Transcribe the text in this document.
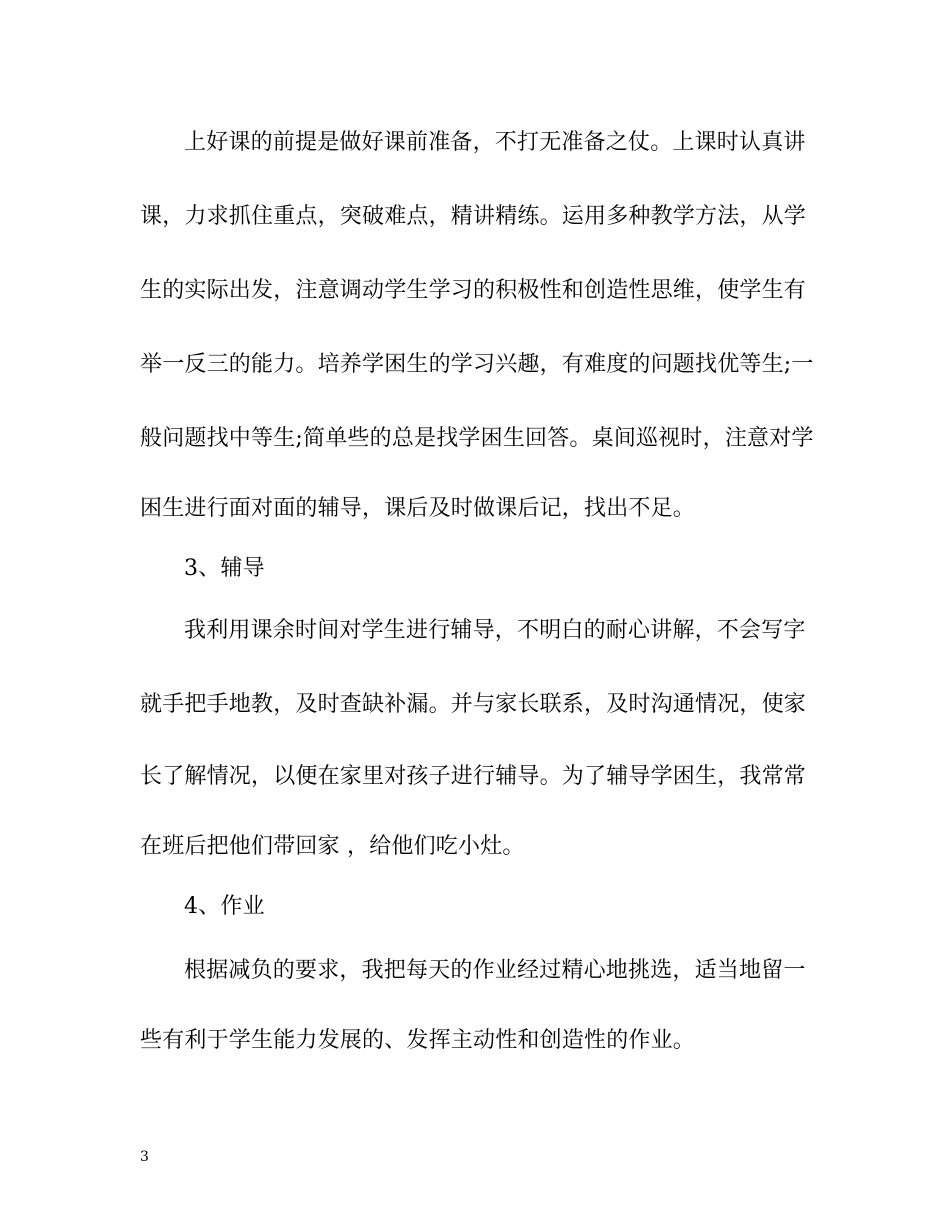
上好课的前提是做好课前准备，不打无准备之仗。上课时认真讲
课，力求抓住重点，突破难点，精讲精练。运用多种教学方法，从学
生的实际出发，注意调动学生学习的积极性和创造性思维，使学生有
举一反三的能力。培养学困生的学习兴趣，有难度的问题找优等生;一
般问题找中等生;简单些的总是找学困生回答。桌间巡视时，注意对学
困生进行面对面的辅导，课后及时做课后记，找出不足。
3、辅导
我利用课余时间对学生进行辅导，不明白的耐心讲解，不会写字
就手把手地教，及时查缺补漏。并与家长联系，及时沟通情况，使家
长了解情况，以便在家里对孩子进行辅导。为了辅导学困生，我常常
在班后把他们带回家 ，给他们吃小灶。
4、作业
根据减负的要求，我把每天的作业经过精心地挑选，适当地留一
些有利于学生能力发展的、发挥主动性和创造性的作业。
3
